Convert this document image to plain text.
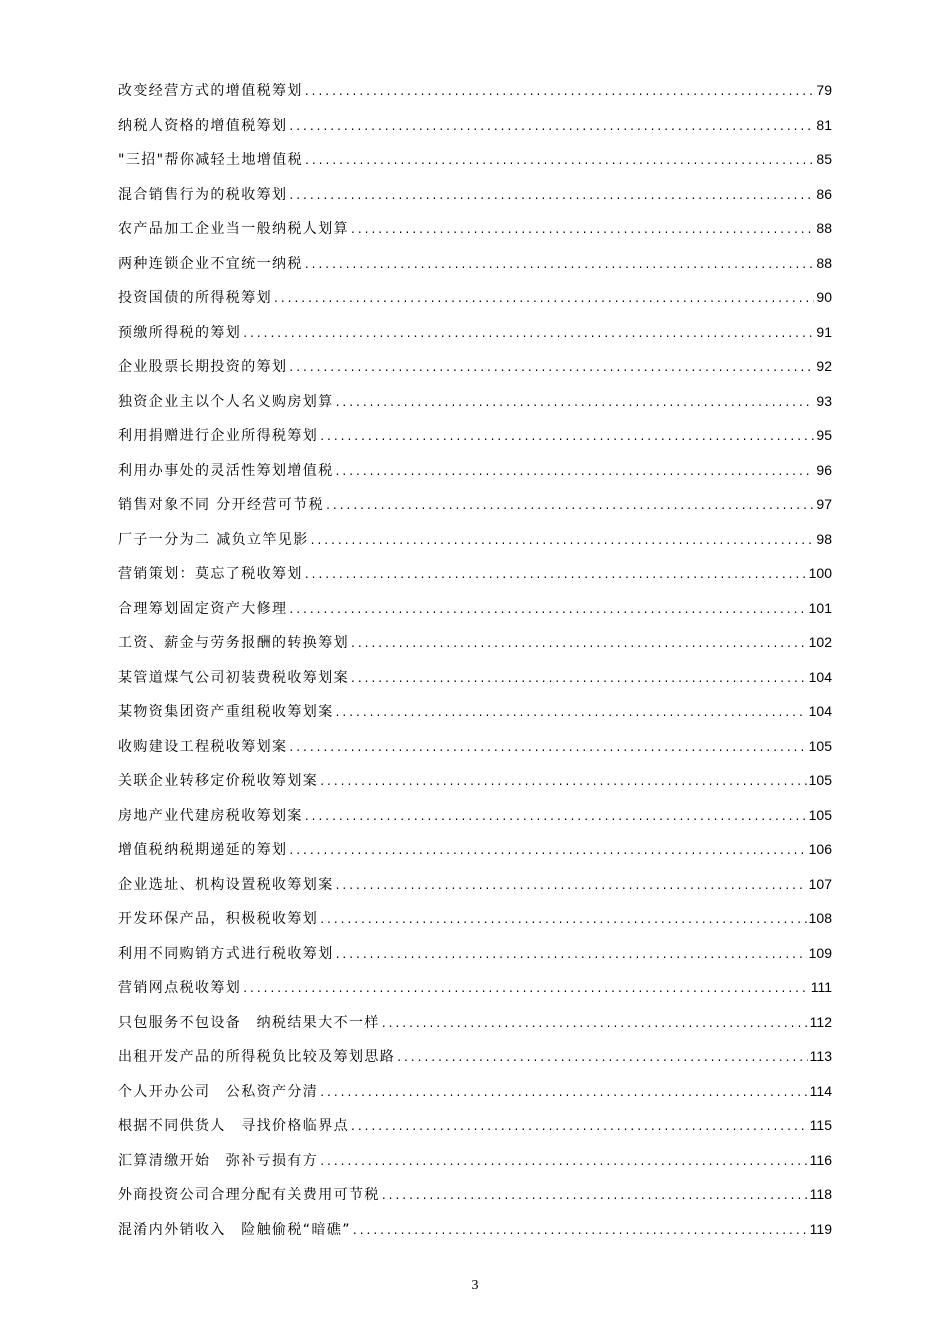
改变经营方式的增值税筹划 .....	79
纳税人资格的增值税筹划 .....	81
"三招"帮你减轻土地增值税 .....	85
混合销售行为的税收筹划 .....	86
农产品加工企业当一般纳税人划算 .....	88
两种连锁企业不宜统一纳税 .....	88
投资国债的所得税筹划 .....	90
预缴所得税的筹划 .....	91
企业股票长期投资的筹划 .....	92
独资企业主以个人名义购房划算 .....	93
利用捐赠进行企业所得税筹划 .....	95
利用办事处的灵活性筹划增值税 .....	96
销售对象不同 分开经营可节税 .....	97
厂子一分为二 减负立竿见影 .....	98
营销策划：莫忘了税收筹划 .....	100
合理筹划固定资产大修理 .....	101
工资、薪金与劳务报酬的转换筹划 .....	102
某管道煤气公司初装费税收筹划案 .....	104
某物资集团资产重组税收筹划案 .....	104
收购建设工程税收筹划案 .....	105
关联企业转移定价税收筹划案 .....	105
房地产业代建房税收筹划案 .....	105
增值税纳税期递延的筹划 .....	106
企业选址、机构设置税收筹划案 .....	107
开发环保产品，积极税收筹划 .....	108
利用不同购销方式进行税收筹划 .....	109
营销网点税收筹划 .....	111
只包服务不包设备　纳税结果大不一样 .....	112
出租开发产品的所得税负比较及筹划思路 .....	113
个人开办公司　公私资产分清 .....	114
根据不同供货人　寻找价格临界点 .....	115
汇算清缴开始　弥补亏损有方 .....	116
外商投资公司合理分配有关费用可节税 .....	118
混淆内外销收入　险触偷税“暗礁” .....	119
3
